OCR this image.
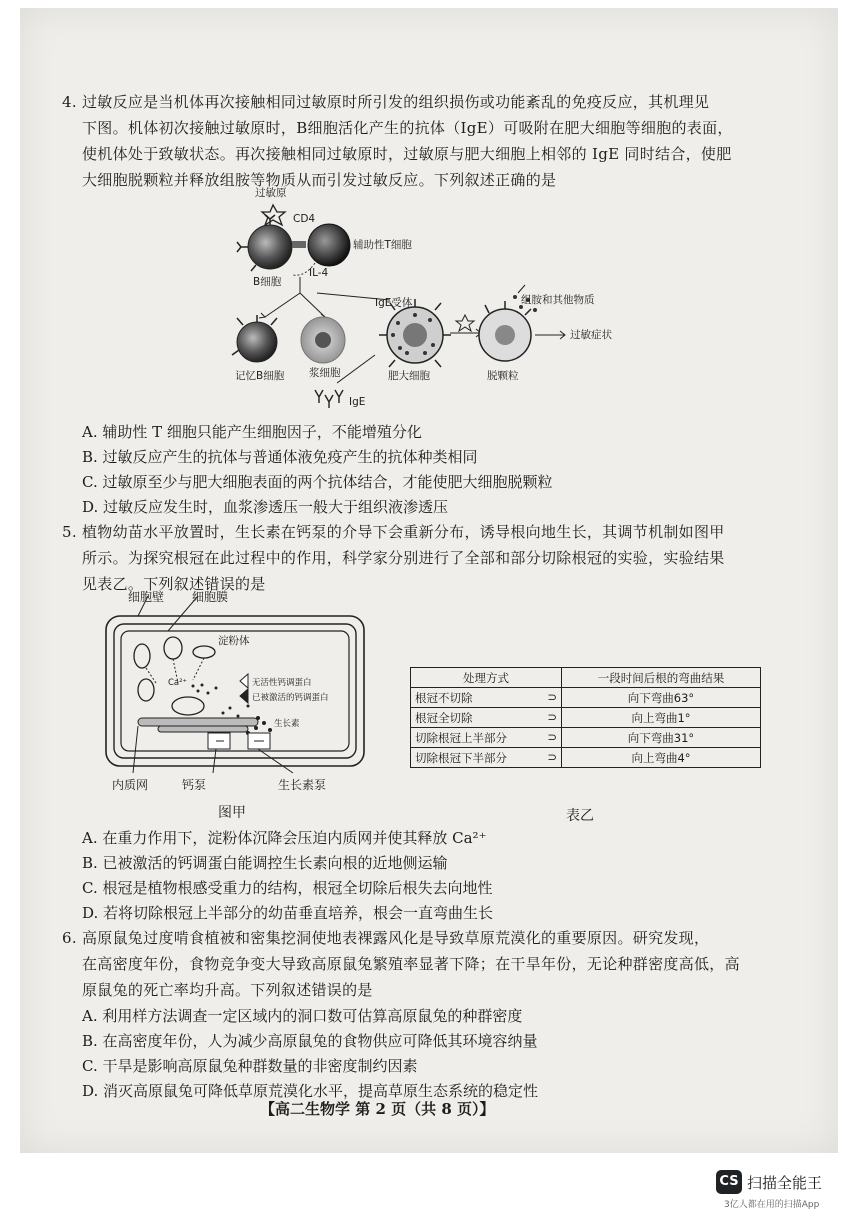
4. 过敏反应是当机体再次接触相同过敏原时所引发的组织损伤或功能紊乱的免疫反应，其机理见
下图。机体初次接触过敏原时，B细胞活化产生的抗体（IgE）可吸附在肥大细胞等细胞的表面，
使机体处于致敏状态。再次接触相同过敏原时，过敏原与肥大细胞上相邻的 IgE 同时结合，使肥
大细胞脱颗粒并释放组胺等物质从而引发过敏反应。下列叙述正确的是
过敏原
CD4
辅助性T细胞
IL-4
B细胞
IgE受体	组胺和其他物质
过敏症状
记忆B细胞 浆细胞	肥大细胞	脱颗粒
IgE
A. 辅助性 T 细胞只能产生细胞因子，不能增殖分化
B. 过敏反应产生的抗体与普通体液免疫产生的抗体种类相同
C. 过敏原至少与肥大细胞表面的两个抗体结合，才能使肥大细胞脱颗粒
D. 过敏反应发生时，血浆渗透压一般大于组织液渗透压
5. 植物幼苗水平放置时，生长素在钙泵的介导下会重新分布，诱导根向地生长，其调节机制如图甲
所示。为探究根冠在此过程中的作用，科学家分别进行了全部和部分切除根冠的实验，实验结果
见表乙。下列叙述错误的是
细胞壁 细胞膜
淀粉体
Ca²⁺	无活性钙调蛋白
已被激活的钙调蛋白
生长素
内质网	钙泵	生长素泵
图甲
处理方式	一段时间后根的弯曲结果
根冠不切除 ⊃	向下弯曲63°
根冠全切除 ⊃	向上弯曲1°
切除根冠上半部分 ⊃	向下弯曲31°
切除根冠下半部分 ⊃	向上弯曲4°
表乙
A. 在重力作用下，淀粉体沉降会压迫内质网并使其释放 Ca²⁺
B. 已被激活的钙调蛋白能调控生长素向根的近地侧运输
C. 根冠是植物根感受重力的结构，根冠全切除后根失去向地性
D. 若将切除根冠上半部分的幼苗垂直培养，根会一直弯曲生长
6. 高原鼠兔过度啃食植被和密集挖洞使地表裸露风化是导致草原荒漠化的重要原因。研究发现，
在高密度年份，食物竞争变大导致高原鼠兔繁殖率显著下降；在干旱年份，无论种群密度高低，高
原鼠兔的死亡率均升高。下列叙述错误的是
A. 利用样方法调查一定区域内的洞口数可估算高原鼠兔的种群密度
B. 在高密度年份，人为减少高原鼠兔的食物供应可降低其环境容纳量
C. 干旱是影响高原鼠兔种群数量的非密度制约因素
D. 消灭高原鼠兔可降低草原荒漠化水平，提高草原生态系统的稳定性
【高二生物学 第 2 页（共 8 页）】
CS 扫描全能王
3亿人都在用的扫描App
